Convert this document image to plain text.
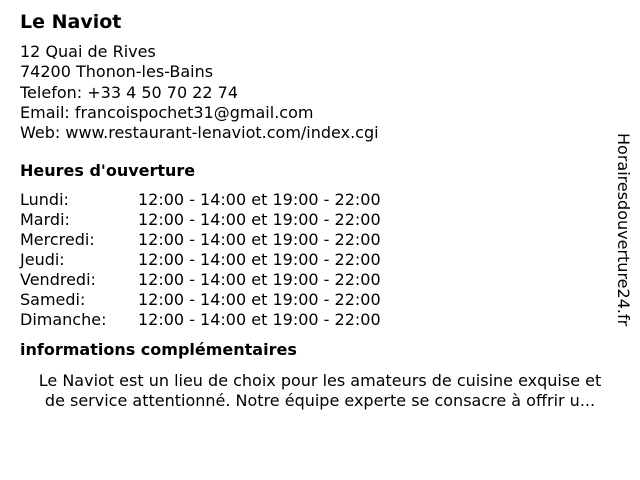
Le Naviot
12 Quai de Rives
74200 Thonon-les-Bains
Telefon: +33 4 50 70 22 74
Email: francoispochet31@gmail.com
Web: www.restaurant-lenaviot.com/index.cgi
Heures d'ouverture
Lundi:	12:00 - 14:00 et 19:00 - 22:00
Mardi:	12:00 - 14:00 et 19:00 - 22:00
Mercredi:	12:00 - 14:00 et 19:00 - 22:00
Jeudi:	12:00 - 14:00 et 19:00 - 22:00
Vendredi:	12:00 - 14:00 et 19:00 - 22:00
Samedi:	12:00 - 14:00 et 19:00 - 22:00
Dimanche:	12:00 - 14:00 et 19:00 - 22:00
informations complémentaires
Le Naviot est un lieu de choix pour les amateurs de cuisine exquise et
de service attentionné. Notre équipe experte se consacre à offrir u...
Horairesdouverture24.fr
